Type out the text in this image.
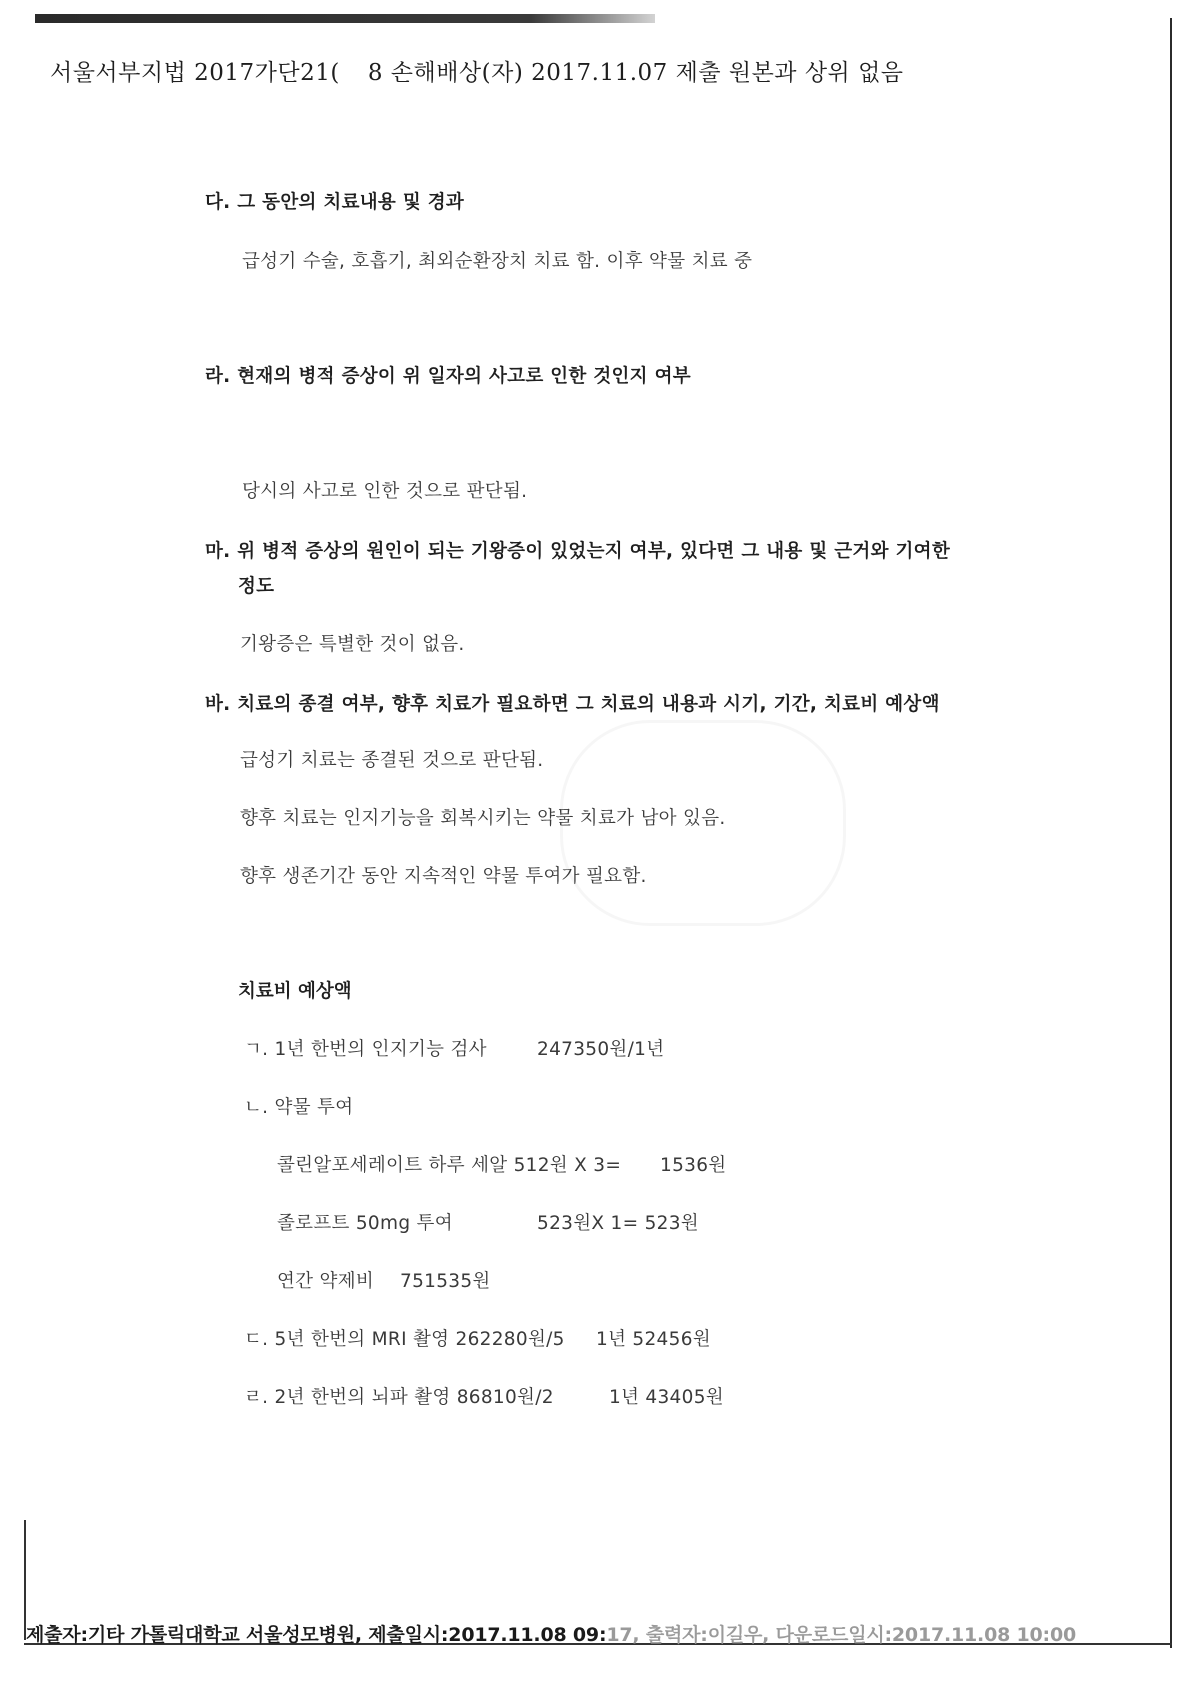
서울서부지법 2017가단21( 8 손해배상(자) 2017.11.07 제출 원본과 상위 없음
다. 그 동안의 치료내용 및 경과
급성기 수술, 호흡기, 최외순환장치 치료 함. 이후 약물 치료 중
라. 현재의 병적 증상이 위 일자의 사고로 인한 것인지 여부
당시의 사고로 인한 것으로 판단됨.
마. 위 병적 증상의 원인이 되는 기왕증이 있었는지 여부, 있다면 그 내용 및 근거와 기여한
정도
기왕증은 특별한 것이 없음.
바. 치료의 종결 여부, 향후 치료가 필요하면 그 치료의 내용과 시기, 기간, 치료비 예상액
급성기 치료는 종결된 것으로 판단됨.
향후 치료는 인지기능을 회복시키는 약물 치료가 남아 있음.
향후 생존기간 동안 지속적인 약물 투여가 필요함.
치료비 예상액
ㄱ. 1년 한번의 인지기능 검사	247350원/1년
ㄴ. 약물 투여
콜린알포세레이트 하루 세알 512원 X 3= 1536원
졸로프트 50mg 투여	523원X 1= 523원
연간 약제비 751535원
ㄷ. 5년 한번의 MRI 촬영 262280원/5 1년 52456원
ㄹ. 2년 한번의 뇌파 촬영 86810원/2	1년 43405원
제출자:기타 가톨릭대학교 서울성모병원, 제출일시:2017.11.08 09:17, 출력자:이길우, 다운로드일시:2017.11.08 10:00
